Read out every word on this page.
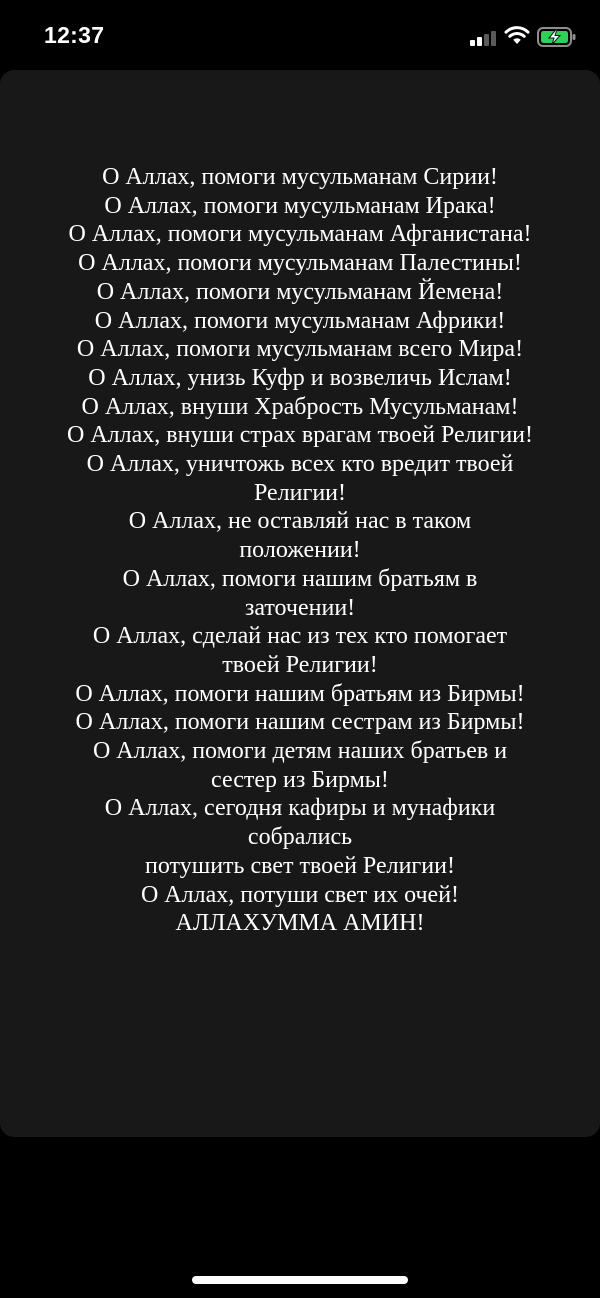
12:37
О Аллах, помоги мусульманам Сирии!
О Аллах, помоги мусульманам Ирака!
О Аллах, помоги мусульманам Афганистана!
О Аллах, помоги мусульманам Палестины!
О Аллах, помоги мусульманам Йемена!
О Аллах, помоги мусульманам Африки!
О Аллах, помоги мусульманам всего Мира!
О Аллах, унизь Куфр и возвеличь Ислам!
О Аллах, внуши Храбрость Мусульманам!
О Аллах, внуши страх врагам твоей Религии!
О Аллах, уничтожь всех кто вредит твоей
Религии!
О Аллах, не оставляй нас в таком
положении!
О Аллах, помоги нашим братьям в
заточении!
О Аллах, сделай нас из тех кто помогает
твоей Религии!
О Аллах, помоги нашим братьям из Бирмы!
О Аллах, помоги нашим сестрам из Бирмы!
О Аллах, помоги детям наших братьев и
сестер из Бирмы!
О Аллах, сегодня кафиры и мунафики
собрались
потушить свет твоей Религии!
О Аллах, потуши свет их очей!
АЛЛАХУММА АМИН!
